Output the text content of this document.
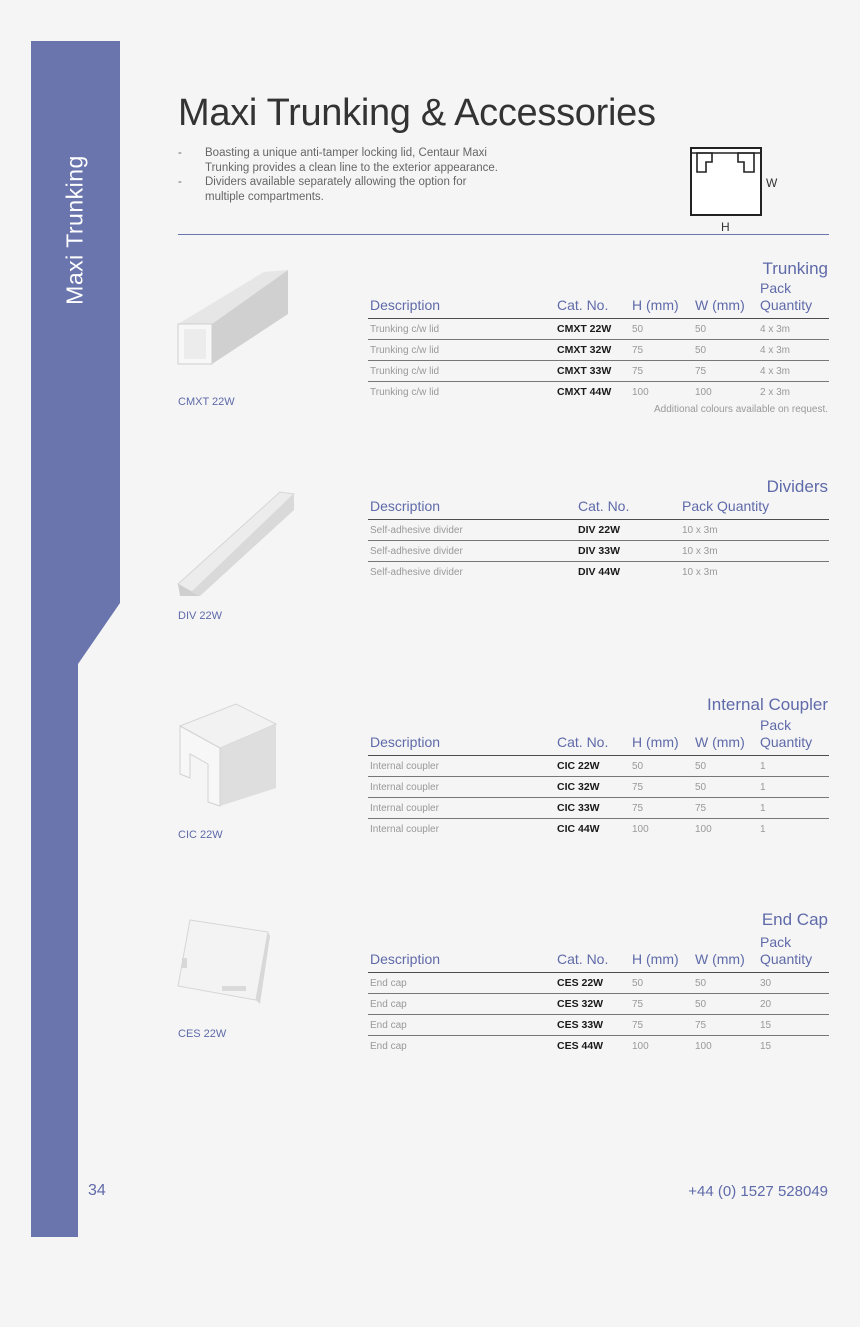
Maxi Trunking
Maxi Trunking & Accessories
- Boasting a unique anti-tamper locking lid, Centaur Maxi Trunking provides a clean line to the exterior appearance.
- Dividers available separately allowing the option for multiple compartments.
W
H
CMXT 22W
Trunking
Description	Cat. No.	H (mm)	W (mm)	Pack Quantity
Trunking c/w lid	CMXT 22W	50	50	4 x 3m
Trunking c/w lid	CMXT 32W	75	50	4 x 3m
Trunking c/w lid	CMXT 33W	75	75	4 x 3m
Trunking c/w lid	CMXT 44W	100	100	2 x 3m
Additional colours available on request.
DIV 22W
Dividers
Description	Cat. No.	Pack Quantity
Self-adhesive divider	DIV 22W	10 x 3m
Self-adhesive divider	DIV 33W	10 x 3m
Self-adhesive divider	DIV 44W	10 x 3m
CIC 22W
Internal Coupler
Description	Cat. No.	H (mm)	W (mm)	Pack Quantity
Internal coupler	CIC 22W	50	50	1
Internal coupler	CIC 32W	75	50	1
Internal coupler	CIC 33W	75	75	1
Internal coupler	CIC 44W	100	100	1
CES 22W
End Cap
Description	Cat. No.	H (mm)	W (mm)	Pack Quantity
End cap	CES 22W	50	50	30
End cap	CES 32W	75	50	20
End cap	CES 33W	75	75	15
End cap	CES 44W	100	100	15
34	+44 (0) 1527 528049
